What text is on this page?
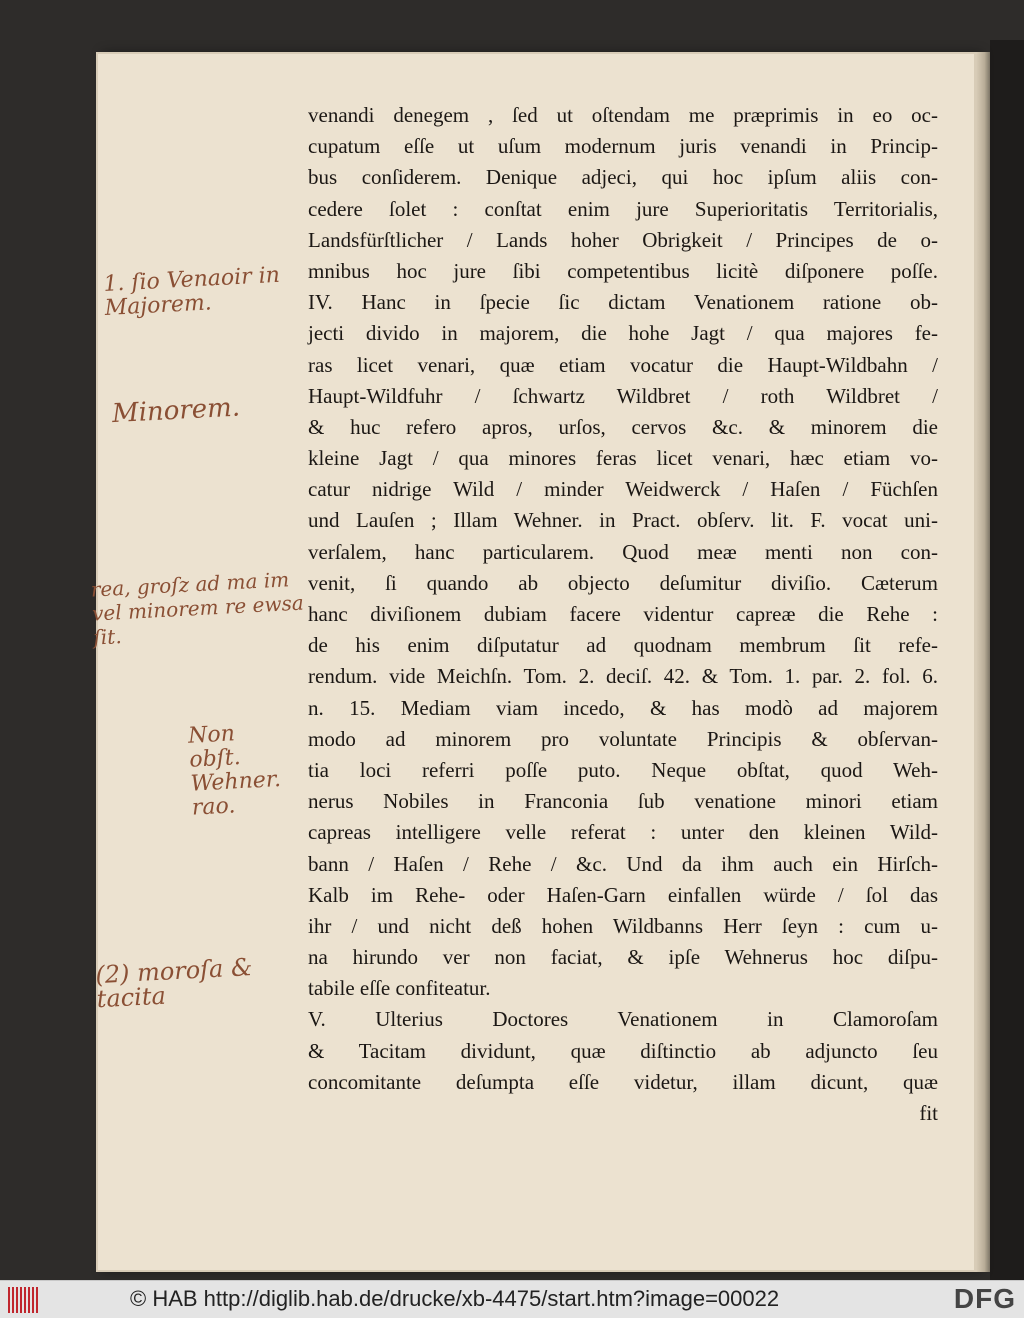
venandi denegem , ſed ut oſtendam me præprimis in eo oc-
cupatum eſſe ut uſum modernum juris venandi in Princip-
bus conſiderem. Denique adjeci, qui hoc ipſum aliis con-
cedere ſolet : conſtat enim jure Superioritatis Territorialis,
Landsfürſtlicher / Lands hoher Obrigkeit / Principes de o-
mnibus hoc jure ſibi competentibus licitè diſponere poſſe.
IV. Hanc in ſpecie ſic dictam Venationem ratione ob-
jecti divido in majorem, die hohe Jagt / qua majores fe-
ras licet venari, quæ etiam vocatur die Haupt-Wildbahn /
Haupt-Wildfuhr / ſchwartz Wildbret / roth Wildbret /
& huc refero apros, urſos, cervos &c. & minorem die
kleine Jagt / qua minores feras licet venari, hæc etiam vo-
catur nidrige Wild / minder Weidwerck / Haſen / Füchſen
und Lauſen ; Illam Wehner. in Pract. obſerv. lit. F. vocat uni-
verſalem, hanc particularem. Quod meæ menti non con-
venit, ſi quando ab objecto deſumitur diviſio. Cæterum
hanc diviſionem dubiam facere videntur capreæ die Rehe :
de his enim diſputatur ad quodnam membrum ſit refe-
rendum. vide Meichſn. Tom. 2. deciſ. 42. & Tom. 1. par. 2. fol. 6.
n. 15. Mediam viam incedo, & has modò ad majorem
modo ad minorem pro voluntate Principis & obſervan-
tia loci referri poſſe puto. Neque obſtat, quod Weh-
nerus Nobiles in Franconia ſub venatione minori etiam
capreas intelligere velle referat : unter den kleinen Wild-
bann / Haſen / Rehe / &c. Und da ihm auch ein Hirſch-
Kalb im Rehe- oder Haſen-Garn einfallen würde / ſol das
ihr / und nicht deß hohen Wildbanns Herr ſeyn : cum u-
na hirundo ver non faciat, & ipſe Wehnerus hoc diſpu-
tabile eſſe confiteatur.
V. Ulterius Doctores Venationem in Clamoroſam
& Tacitam dividunt, quæ diſtinctio ab adjuncto ſeu
concomitante deſumpta eſſe videtur, illam dicunt, quæ
fit
1. ſio Venaoir in Majorem.
Minorem.
rea, groſz ad ma im vel minorem re ewsa ſit.
Non obſt. Wehner. rao.
(2) moroſa & tacita
© HAB http://diglib.hab.de/drucke/xb-4475/start.htm?image=00022	DFG
